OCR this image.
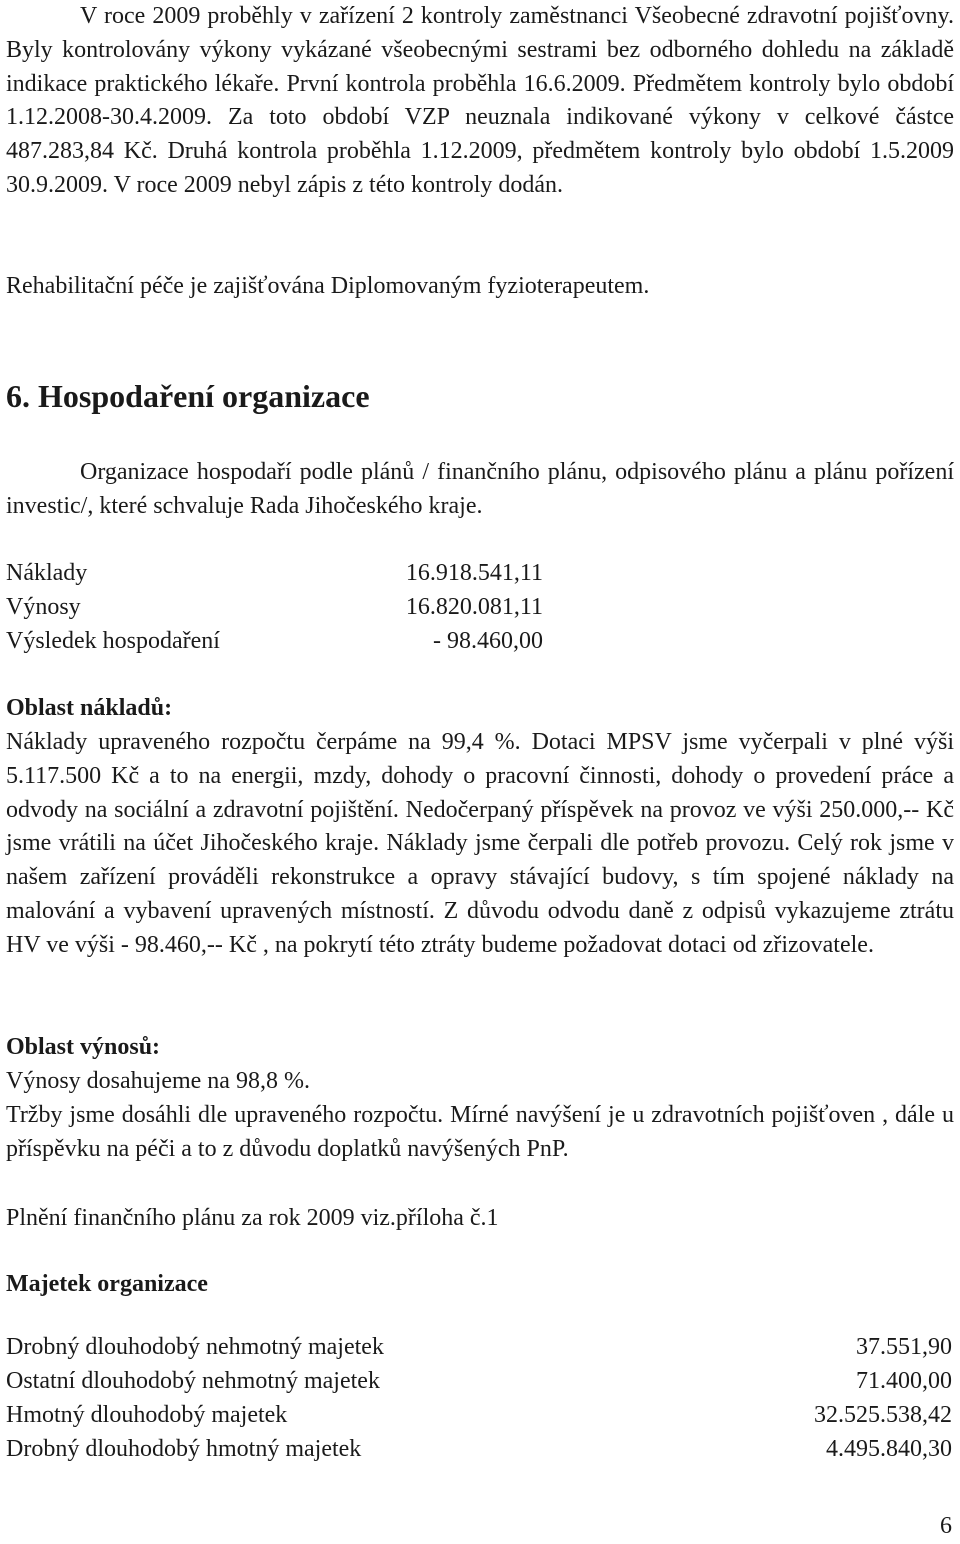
V roce 2009 proběhly v zařízení 2 kontroly zaměstnanci Všeobecné zdravotní pojišťovny. Byly kontrolovány výkony vykázané všeobecnými sestrami bez odborného dohledu na základě indikace praktického lékaře. První kontrola proběhla 16.6.2009. Předmětem kontroly bylo období 1.12.2008-30.4.2009. Za toto období VZP neuznala indikované výkony v celkové částce 487.283,84 Kč. Druhá kontrola proběhla 1.12.2009, předmětem kontroly bylo období 1.5.2009 30.9.2009. V roce 2009 nebyl zápis z této kontroly dodán.

Rehabilitační péče je zajišťována Diplomovaným fyzioterapeutem.

6. Hospodaření organizace

Organizace hospodaří podle plánů / finančního plánu, odpisového plánu a plánu pořízení investic/, které schvaluje Rada Jihočeského kraje.

Náklady	16.918.541,11
Výnosy	16.820.081,11
Výsledek hospodaření	- 98.460,00

Oblast nákladů:

Náklady upraveného rozpočtu čerpáme na 99,4 %. Dotaci MPSV jsme vyčerpali v plné výši 5.117.500 Kč a to na energii, mzdy, dohody o pracovní činnosti, dohody o provedení práce a odvody na sociální a zdravotní pojištění. Nedočerpaný příspěvek na provoz ve výši 250.000,-- Kč jsme vrátili na účet Jihočeského kraje. Náklady jsme čerpali dle potřeb provozu. Celý rok jsme v našem zařízení prováděli rekonstrukce a opravy stávající budovy, s tím spojené náklady na malování a vybavení upravených místností. Z důvodu odvodu daně z odpisů vykazujeme ztrátu HV ve výši - 98.460,-- Kč , na pokrytí této ztráty budeme požadovat dotaci od zřizovatele.

Oblast výnosů:

Výnosy dosahujeme na 98,8 %.

Tržby jsme dosáhli dle upraveného rozpočtu. Mírné navýšení je u zdravotních pojišťoven , dále u příspěvku na péči a to z důvodu doplatků navýšených PnP.

Plnění finančního plánu za rok 2009 viz.příloha č.1

Majetek organizace

Drobný dlouhodobý nehmotný majetek	37.551,90
Ostatní dlouhodobý nehmotný majetek	71.400,00
Hmotný dlouhodobý majetek	32.525.538,42
Drobný dlouhodobý hmotný majetek	4.495.840,30
6
